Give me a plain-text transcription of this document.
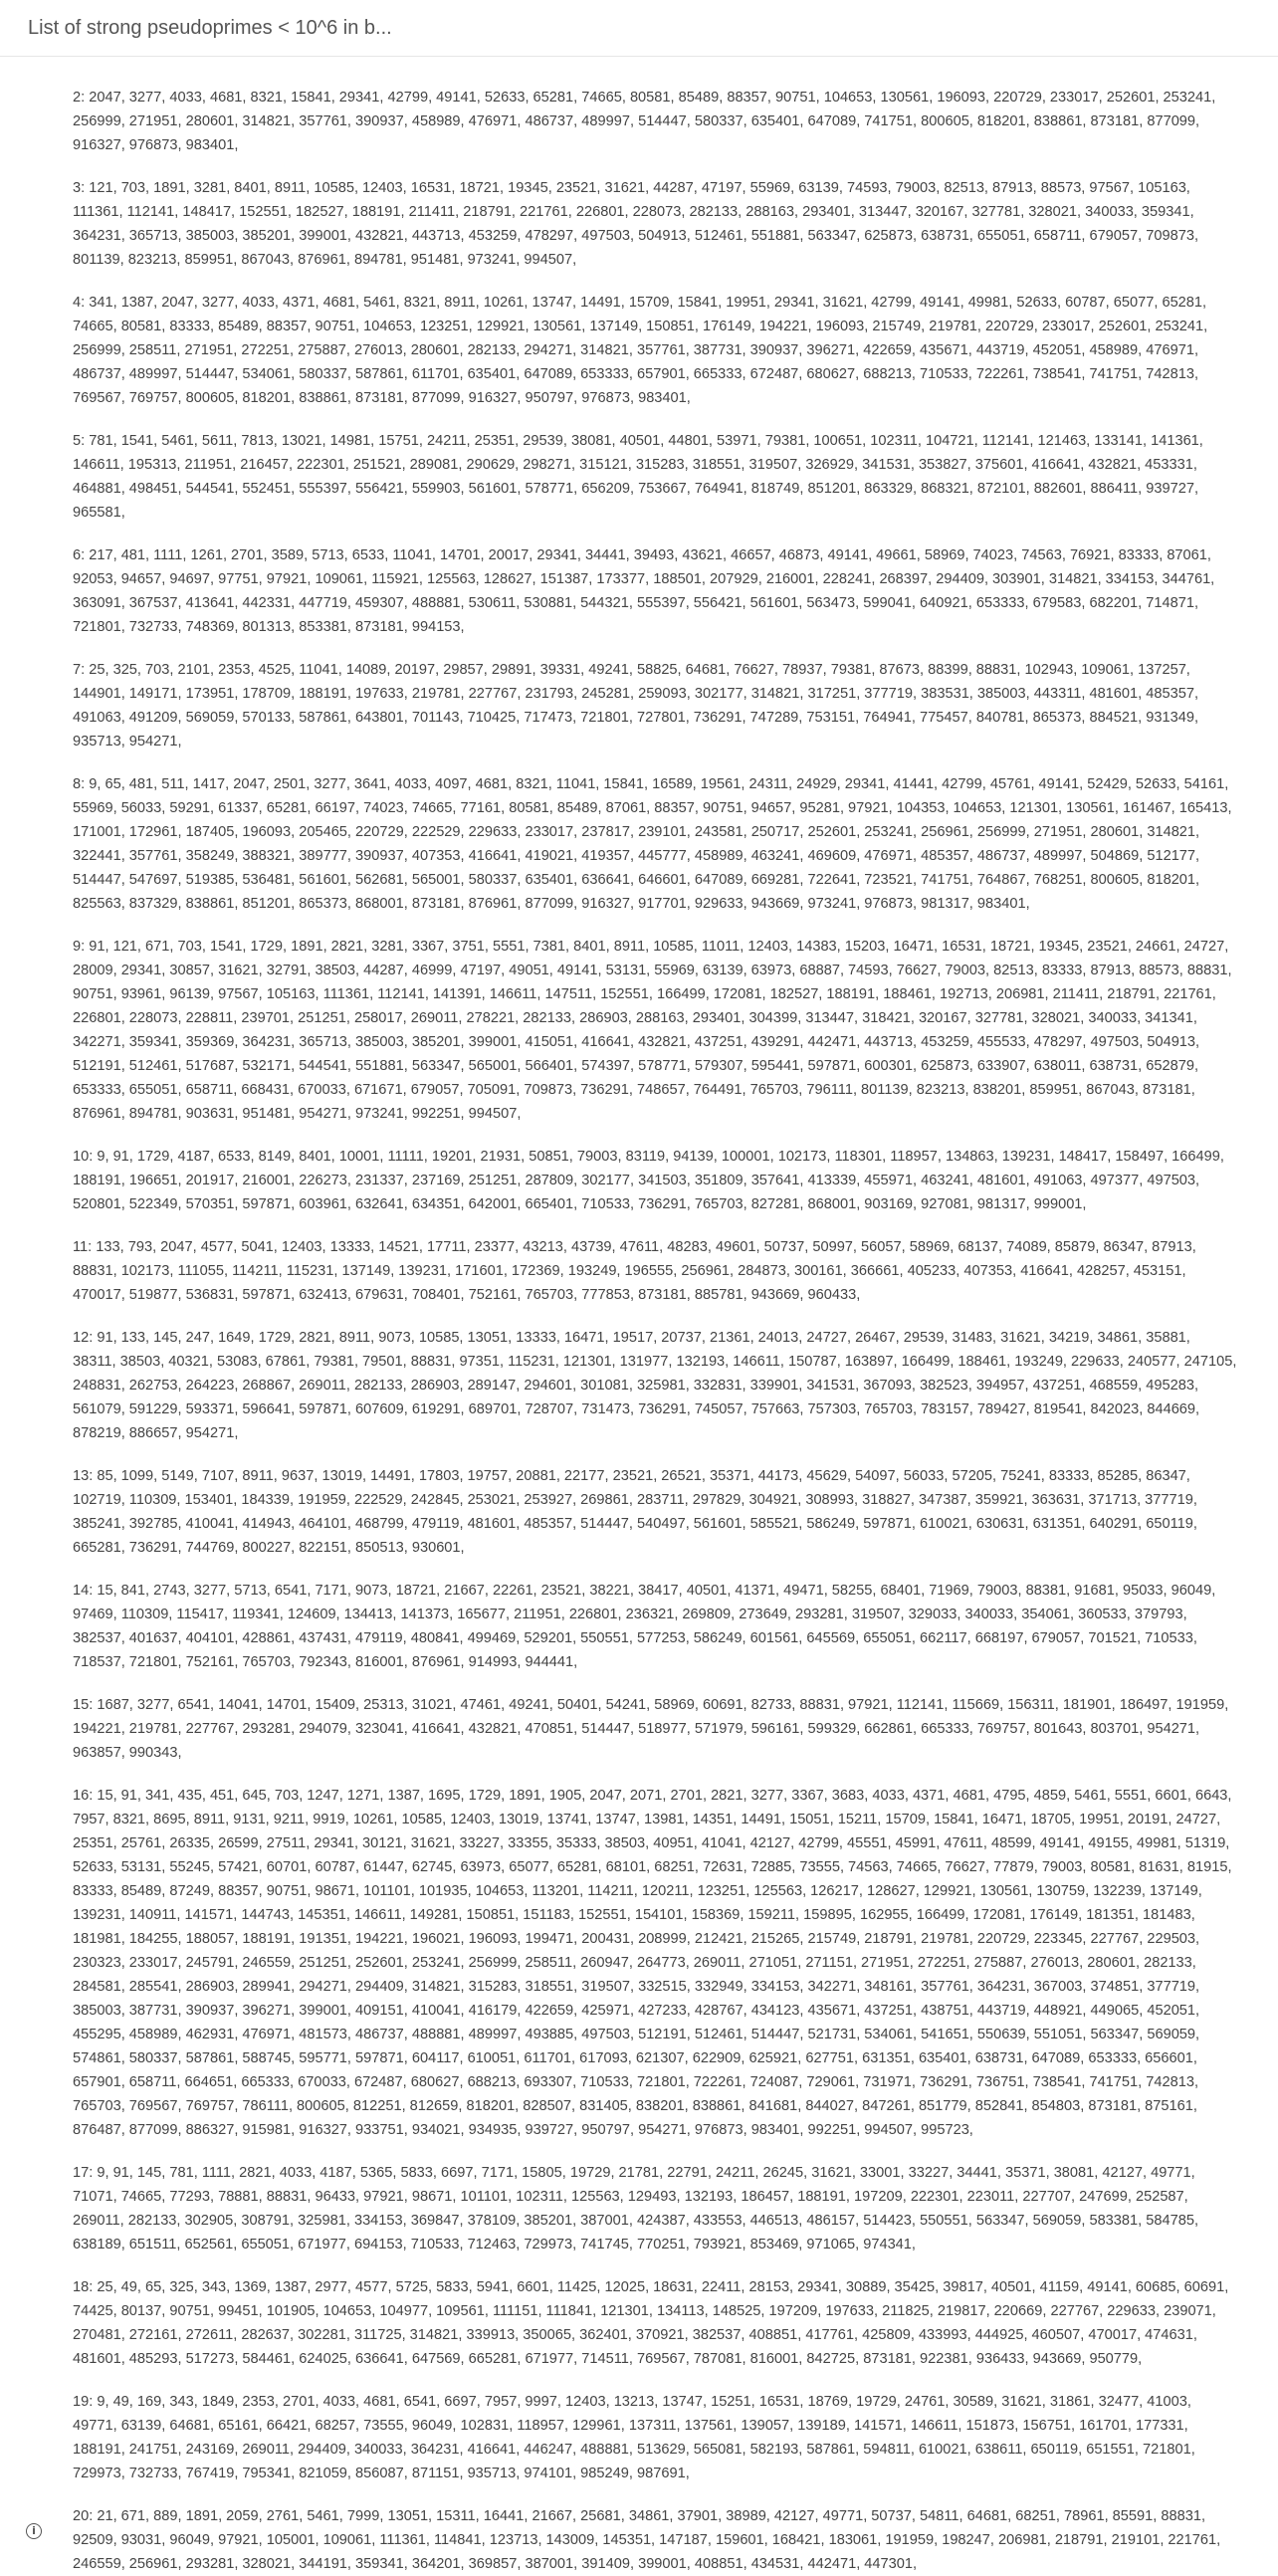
List of strong pseudoprimes < 10^6 in b...

2: 2047, 3277, 4033, 4681, 8321, 15841, 29341, 42799, 49141, 52633, 65281, 74665, 80581, 85489, 88357, 90751, 104653, 130561, 196093, 220729, 233017, 252601, 253241, 256999, 271951, 280601, 314821, 357761, 390937, 458989, 476971, 486737, 489997, 514447, 580337, 635401, 647089, 741751, 800605, 818201, 838861, 873181, 877099, 916327, 976873, 983401,

3: 121, 703, 1891, 3281, 8401, 8911, 10585, 12403, 16531, 18721, 19345, 23521, 31621, 44287, 47197, 55969, 63139, 74593, 79003, 82513, 87913, 88573, 97567, 105163, 111361, 112141, 148417, 152551, 182527, 188191, 211411, 218791, 221761, 226801, 228073, 282133, 288163, 293401, 313447, 320167, 327781, 328021, 340033, 359341, 364231, 365713, 385003, 385201, 399001, 432821, 443713, 453259, 478297, 497503, 504913, 512461, 551881, 563347, 625873, 638731, 655051, 658711, 679057, 709873, 801139, 823213, 859951, 867043, 876961, 894781, 951481, 973241, 994507,

4: 341, 1387, 2047, 3277, 4033, 4371, 4681, 5461, 8321, 8911, 10261, 13747, 14491, 15709, 15841, 19951, 29341, 31621, 42799, 49141, 49981, 52633, 60787, 65077, 65281, 74665, 80581, 83333, 85489, 88357, 90751, 104653, 123251, 129921, 130561, 137149, 150851, 176149, 194221, 196093, 215749, 219781, 220729, 233017, 252601, 253241, 256999, 258511, 271951, 272251, 275887, 276013, 280601, 282133, 294271, 314821, 357761, 387731, 390937, 396271, 422659, 435671, 443719, 452051, 458989, 476971, 486737, 489997, 514447, 534061, 580337, 587861, 611701, 635401, 647089, 653333, 657901, 665333, 672487, 680627, 688213, 710533, 722261, 738541, 741751, 742813, 769567, 769757, 800605, 818201, 838861, 873181, 877099, 916327, 950797, 976873, 983401,

5: 781, 1541, 5461, 5611, 7813, 13021, 14981, 15751, 24211, 25351, 29539, 38081, 40501, 44801, 53971, 79381, 100651, 102311, 104721, 112141, 121463, 133141, 141361, 146611, 195313, 211951, 216457, 222301, 251521, 289081, 290629, 298271, 315121, 315283, 318551, 319507, 326929, 341531, 353827, 375601, 416641, 432821, 453331, 464881, 498451, 544541, 552451, 555397, 556421, 559903, 561601, 578771, 656209, 753667, 764941, 818749, 851201, 863329, 868321, 872101, 882601, 886411, 939727, 965581,

6: 217, 481, 1111, 1261, 2701, 3589, 5713, 6533, 11041, 14701, 20017, 29341, 34441, 39493, 43621, 46657, 46873, 49141, 49661, 58969, 74023, 74563, 76921, 83333, 87061, 92053, 94657, 94697, 97751, 97921, 109061, 115921, 125563, 128627, 151387, 173377, 188501, 207929, 216001, 228241, 268397, 294409, 303901, 314821, 334153, 344761, 363091, 367537, 413641, 442331, 447719, 459307, 488881, 530611, 530881, 544321, 555397, 556421, 561601, 563473, 599041, 640921, 653333, 679583, 682201, 714871, 721801, 732733, 748369, 801313, 853381, 873181, 994153,

7: 25, 325, 703, 2101, 2353, 4525, 11041, 14089, 20197, 29857, 29891, 39331, 49241, 58825, 64681, 76627, 78937, 79381, 87673, 88399, 88831, 102943, 109061, 137257, 144901, 149171, 173951, 178709, 188191, 197633, 219781, 227767, 231793, 245281, 259093, 302177, 314821, 317251, 377719, 383531, 385003, 443311, 481601, 485357, 491063, 491209, 569059, 570133, 587861, 643801, 701143, 710425, 717473, 721801, 727801, 736291, 747289, 753151, 764941, 775457, 840781, 865373, 884521, 931349, 935713, 954271,

8: 9, 65, 481, 511, 1417, 2047, 2501, 3277, 3641, 4033, 4097, 4681, 8321, 11041, 15841, 16589, 19561, 24311, 24929, 29341, 41441, 42799, 45761, 49141, 52429, 52633, 54161, 55969, 56033, 59291, 61337, 65281, 66197, 74023, 74665, 77161, 80581, 85489, 87061, 88357, 90751, 94657, 95281, 97921, 104353, 104653, 121301, 130561, 161467, 165413, 171001, 172961, 187405, 196093, 205465, 220729, 222529, 229633, 233017, 237817, 239101, 243581, 250717, 252601, 253241, 256961, 256999, 271951, 280601, 314821, 322441, 357761, 358249, 388321, 389777, 390937, 407353, 416641, 419021, 419357, 445777, 458989, 463241, 469609, 476971, 485357, 486737, 489997, 504869, 512177, 514447, 547697, 519385, 536481, 561601, 562681, 565001, 580337, 635401, 636641, 646601, 647089, 669281, 722641, 723521, 741751, 764867, 768251, 800605, 818201, 825563, 837329, 838861, 851201, 865373, 868001, 873181, 876961, 877099, 916327, 917701, 929633, 943669, 973241, 976873, 981317, 983401,

9: 91, 121, 671, 703, 1541, 1729, 1891, 2821, 3281, 3367, 3751, 5551, 7381, 8401, 8911, 10585, 11011, 12403, 14383, 15203, 16471, 16531, 18721, 19345, 23521, 24661, 24727, 28009, 29341, 30857, 31621, 32791, 38503, 44287, 46999, 47197, 49051, 49141, 53131, 55969, 63139, 63973, 68887, 74593, 76627, 79003, 82513, 83333, 87913, 88573, 88831, 90751, 93961, 96139, 97567, 105163, 111361, 112141, 141391, 146611, 147511, 152551, 166499, 172081, 182527, 188191, 188461, 192713, 206981, 211411, 218791, 221761, 226801, 228073, 228811, 239701, 251251, 258017, 269011, 278221, 282133, 286903, 288163, 293401, 304399, 313447, 318421, 320167, 327781, 328021, 340033, 341341, 342271, 359341, 359369, 364231, 365713, 385003, 385201, 399001, 415051, 416641, 432821, 437251, 439291, 442471, 443713, 453259, 455533, 478297, 497503, 504913, 512191, 512461, 517687, 532171, 544541, 551881, 563347, 565001, 566401, 574397, 578771, 579307, 595441, 597871, 600301, 625873, 633907, 638011, 638731, 652879, 653333, 655051, 658711, 668431, 670033, 671671, 679057, 705091, 709873, 736291, 748657, 764491, 765703, 796111, 801139, 823213, 838201, 859951, 867043, 873181, 876961, 894781, 903631, 951481, 954271, 973241, 992251, 994507,

10: 9, 91, 1729, 4187, 6533, 8149, 8401, 10001, 11111, 19201, 21931, 50851, 79003, 83119, 94139, 100001, 102173, 118301, 118957, 134863, 139231, 148417, 158497, 166499, 188191, 196651, 201917, 216001, 226273, 231337, 237169, 251251, 287809, 302177, 341503, 351809, 357641, 413339, 455971, 463241, 481601, 491063, 497377, 497503, 520801, 522349, 570351, 597871, 603961, 632641, 634351, 642001, 665401, 710533, 736291, 765703, 827281, 868001, 903169, 927081, 981317, 999001,

11: 133, 793, 2047, 4577, 5041, 12403, 13333, 14521, 17711, 23377, 43213, 43739, 47611, 48283, 49601, 50737, 50997, 56057, 58969, 68137, 74089, 85879, 86347, 87913, 88831, 102173, 111055, 114211, 115231, 137149, 139231, 171601, 172369, 193249, 196555, 256961, 284873, 300161, 366661, 405233, 407353, 416641, 428257, 453151, 470017, 519877, 536831, 597871, 632413, 679631, 708401, 752161, 765703, 777853, 873181, 885781, 943669, 960433,

12: 91, 133, 145, 247, 1649, 1729, 2821, 8911, 9073, 10585, 13051, 13333, 16471, 19517, 20737, 21361, 24013, 24727, 26467, 29539, 31483, 31621, 34219, 34861, 35881, 38311, 38503, 40321, 53083, 67861, 79381, 79501, 88831, 97351, 115231, 121301, 131977, 132193, 146611, 150787, 163897, 166499, 188461, 193249, 229633, 240577, 247105, 248831, 262753, 264223, 268867, 269011, 282133, 286903, 289147, 294601, 301081, 325981, 332831, 339901, 341531, 367093, 382523, 394957, 437251, 468559, 495283, 561079, 591229, 593371, 596641, 597871, 607609, 619291, 689701, 728707, 731473, 736291, 745057, 757663, 757303, 765703, 783157, 789427, 819541, 842023, 844669, 878219, 886657, 954271,

13: 85, 1099, 5149, 7107, 8911, 9637, 13019, 14491, 17803, 19757, 20881, 22177, 23521, 26521, 35371, 44173, 45629, 54097, 56033, 57205, 75241, 83333, 85285, 86347, 102719, 110309, 153401, 184339, 191959, 222529, 242845, 253021, 253927, 269861, 283711, 297829, 304921, 308993, 318827, 347387, 359921, 363631, 371713, 377719, 385241, 392785, 410041, 414943, 464101, 468799, 479119, 481601, 485357, 514447, 540497, 561601, 585521, 586249, 597871, 610021, 630631, 631351, 640291, 650119, 665281, 736291, 744769, 800227, 822151, 850513, 930601,

14: 15, 841, 2743, 3277, 5713, 6541, 7171, 9073, 18721, 21667, 22261, 23521, 38221, 38417, 40501, 41371, 49471, 58255, 68401, 71969, 79003, 88381, 91681, 95033, 96049, 97469, 110309, 115417, 119341, 124609, 134413, 141373, 165677, 211951, 226801, 236321, 269809, 273649, 293281, 319507, 329033, 340033, 354061, 360533, 379793, 382537, 401637, 404101, 428861, 437431, 479119, 480841, 499469, 529201, 550551, 577253, 586249, 601561, 645569, 655051, 662117, 668197, 679057, 701521, 710533, 718537, 721801, 752161, 765703, 792343, 816001, 876961, 914993, 944441,

15: 1687, 3277, 6541, 14041, 14701, 15409, 25313, 31021, 47461, 49241, 50401, 54241, 58969, 60691, 82733, 88831, 97921, 112141, 115669, 156311, 181901, 186497, 191959, 194221, 219781, 227767, 293281, 294079, 323041, 416641, 432821, 470851, 514447, 518977, 571979, 596161, 599329, 662861, 665333, 769757, 801643, 803701, 954271, 963857, 990343,

16: 15, 91, 341, 435, 451, 645, 703, 1247, 1271, 1387, 1695, 1729, 1891, 1905, 2047, 2071, 2701, 2821, 3277, 3367, 3683, 4033, 4371, 4681, 4795, 4859, 5461, 5551, 6601, 6643, 7957, 8321, 8695, 8911, 9131, 9211, 9919, 10261, 10585, 12403, 13019, 13741, 13747, 13981, 14351, 14491, 15051, 15211, 15709, 15841, 16471, 18705, 19951, 20191, 24727, 25351, 25761, 26335, 26599, 27511, 29341, 30121, 31621, 33227, 33355, 35333, 38503, 40951, 41041, 42127, 42799, 45551, 45991, 47611, 48599, 49141, 49155, 49981, 51319, 52633, 53131, 55245, 57421, 60701, 60787, 61447, 62745, 63973, 65077, 65281, 68101, 68251, 72631, 72885, 73555, 74563, 74665, 76627, 77879, 79003, 80581, 81631, 81915, 83333, 85489, 87249, 88357, 90751, 98671, 101101, 101935, 104653, 113201, 114211, 120211, 123251, 125563, 126217, 128627, 129921, 130561, 130759, 132239, 137149, 139231, 140911, 141571, 144743, 145351, 146611, 149281, 150851, 151183, 152551, 154101, 158369, 159211, 159895, 162955, 166499, 172081, 176149, 181351, 181483, 181981, 184255, 188057, 188191, 191351, 194221, 196021, 196093, 199471, 200431, 208999, 212421, 215265, 215749, 218791, 219781, 220729, 223345, 227767, 229503, 230323, 233017, 245791, 246559, 251251, 252601, 253241, 256999, 258511, 260947, 264773, 269011, 271051, 271151, 271951, 272251, 275887, 276013, 280601, 282133, 284581, 285541, 286903, 289941, 294271, 294409, 314821, 315283, 318551, 319507, 332515, 332949, 334153, 342271, 348161, 357761, 364231, 367003, 374851, 377719, 385003, 387731, 390937, 396271, 399001, 409151, 410041, 416179, 422659, 425971, 427233, 428767, 434123, 435671, 437251, 438751, 443719, 448921, 449065, 452051, 455295, 458989, 462931, 476971, 481573, 486737, 488881, 489997, 493885, 497503, 512191, 512461, 514447, 521731, 534061, 541651, 550639, 551051, 563347, 569059, 574861, 580337, 587861, 588745, 595771, 597871, 604117, 610051, 611701, 617093, 621307, 622909, 625921, 627751, 631351, 635401, 638731, 647089, 653333, 656601, 657901, 658711, 664651, 665333, 670033, 672487, 680627, 688213, 693307, 710533, 721801, 722261, 724087, 729061, 731971, 736291, 736751, 738541, 741751, 742813, 765703, 769567, 769757, 786111, 800605, 812251, 812659, 818201, 828507, 831405, 838201, 838861, 841681, 844027, 847261, 851779, 852841, 854803, 873181, 875161, 876487, 877099, 886327, 915981, 916327, 933751, 934021, 934935, 939727, 950797, 954271, 976873, 983401, 992251, 994507, 995723,

17: 9, 91, 145, 781, 1111, 2821, 4033, 4187, 5365, 5833, 6697, 7171, 15805, 19729, 21781, 22791, 24211, 26245, 31621, 33001, 33227, 34441, 35371, 38081, 42127, 49771, 71071, 74665, 77293, 78881, 88831, 96433, 97921, 98671, 101101, 102311, 125563, 129493, 132193, 186457, 188191, 197209, 222301, 223011, 227707, 247699, 252587, 269011, 282133, 302905, 308791, 325981, 334153, 369847, 378109, 385201, 387001, 424387, 433553, 446513, 486157, 514423, 550551, 563347, 569059, 583381, 584785, 638189, 651511, 652561, 655051, 671977, 694153, 710533, 712463, 729973, 741745, 770251, 793921, 853469, 971065, 974341,

18: 25, 49, 65, 325, 343, 1369, 1387, 2977, 4577, 5725, 5833, 5941, 6601, 11425, 12025, 18631, 22411, 28153, 29341, 30889, 35425, 39817, 40501, 41159, 49141, 60685, 60691, 74425, 80137, 90751, 99451, 101905, 104653, 104977, 109561, 111151, 111841, 121301, 134113, 148525, 197209, 197633, 211825, 219817, 220669, 227767, 229633, 239071, 270481, 272161, 272611, 282637, 302281, 311725, 314821, 339913, 350065, 362401, 370921, 382537, 408851, 417761, 425809, 433993, 444925, 460507, 470017, 474631, 481601, 485293, 517273, 584461, 624025, 636641, 647569, 665281, 671977, 714511, 769567, 787081, 816001, 842725, 873181, 922381, 936433, 943669, 950779,

19: 9, 49, 169, 343, 1849, 2353, 2701, 4033, 4681, 6541, 6697, 7957, 9997, 12403, 13213, 13747, 15251, 16531, 18769, 19729, 24761, 30589, 31621, 31861, 32477, 41003, 49771, 63139, 64681, 65161, 66421, 68257, 73555, 96049, 102831, 118957, 129961, 137311, 137561, 139057, 139189, 141571, 146611, 151873, 156751, 161701, 177331, 188191, 241751, 243169, 269011, 294409, 340033, 364231, 416641, 446247, 488881, 513629, 565081, 582193, 587861, 594811, 610021, 638611, 650119, 651551, 721801, 729973, 732733, 767419, 795341, 821059, 856087, 871151, 935713, 974101, 985249, 987691,

20: 21, 671, 889, 1891, 2059, 2761, 5461, 7999, 13051, 15311, 16441, 21667, 25681, 34861, 37901, 38989, 42127, 49771, 50737, 54811, 64681, 68251, 78961, 85591, 88831, 92509, 93031, 96049, 97921, 105001, 109061, 111361, 114841, 123713, 143009, 145351, 147187, 159601, 168421, 183061, 191959, 198247, 206981, 218791, 219101, 221761, 246559, 256961, 293281, 328021, 344191, 359341, 364201, 369857, 387001, 391409, 399001, 408851, 434531, 442471, 447301,

i
